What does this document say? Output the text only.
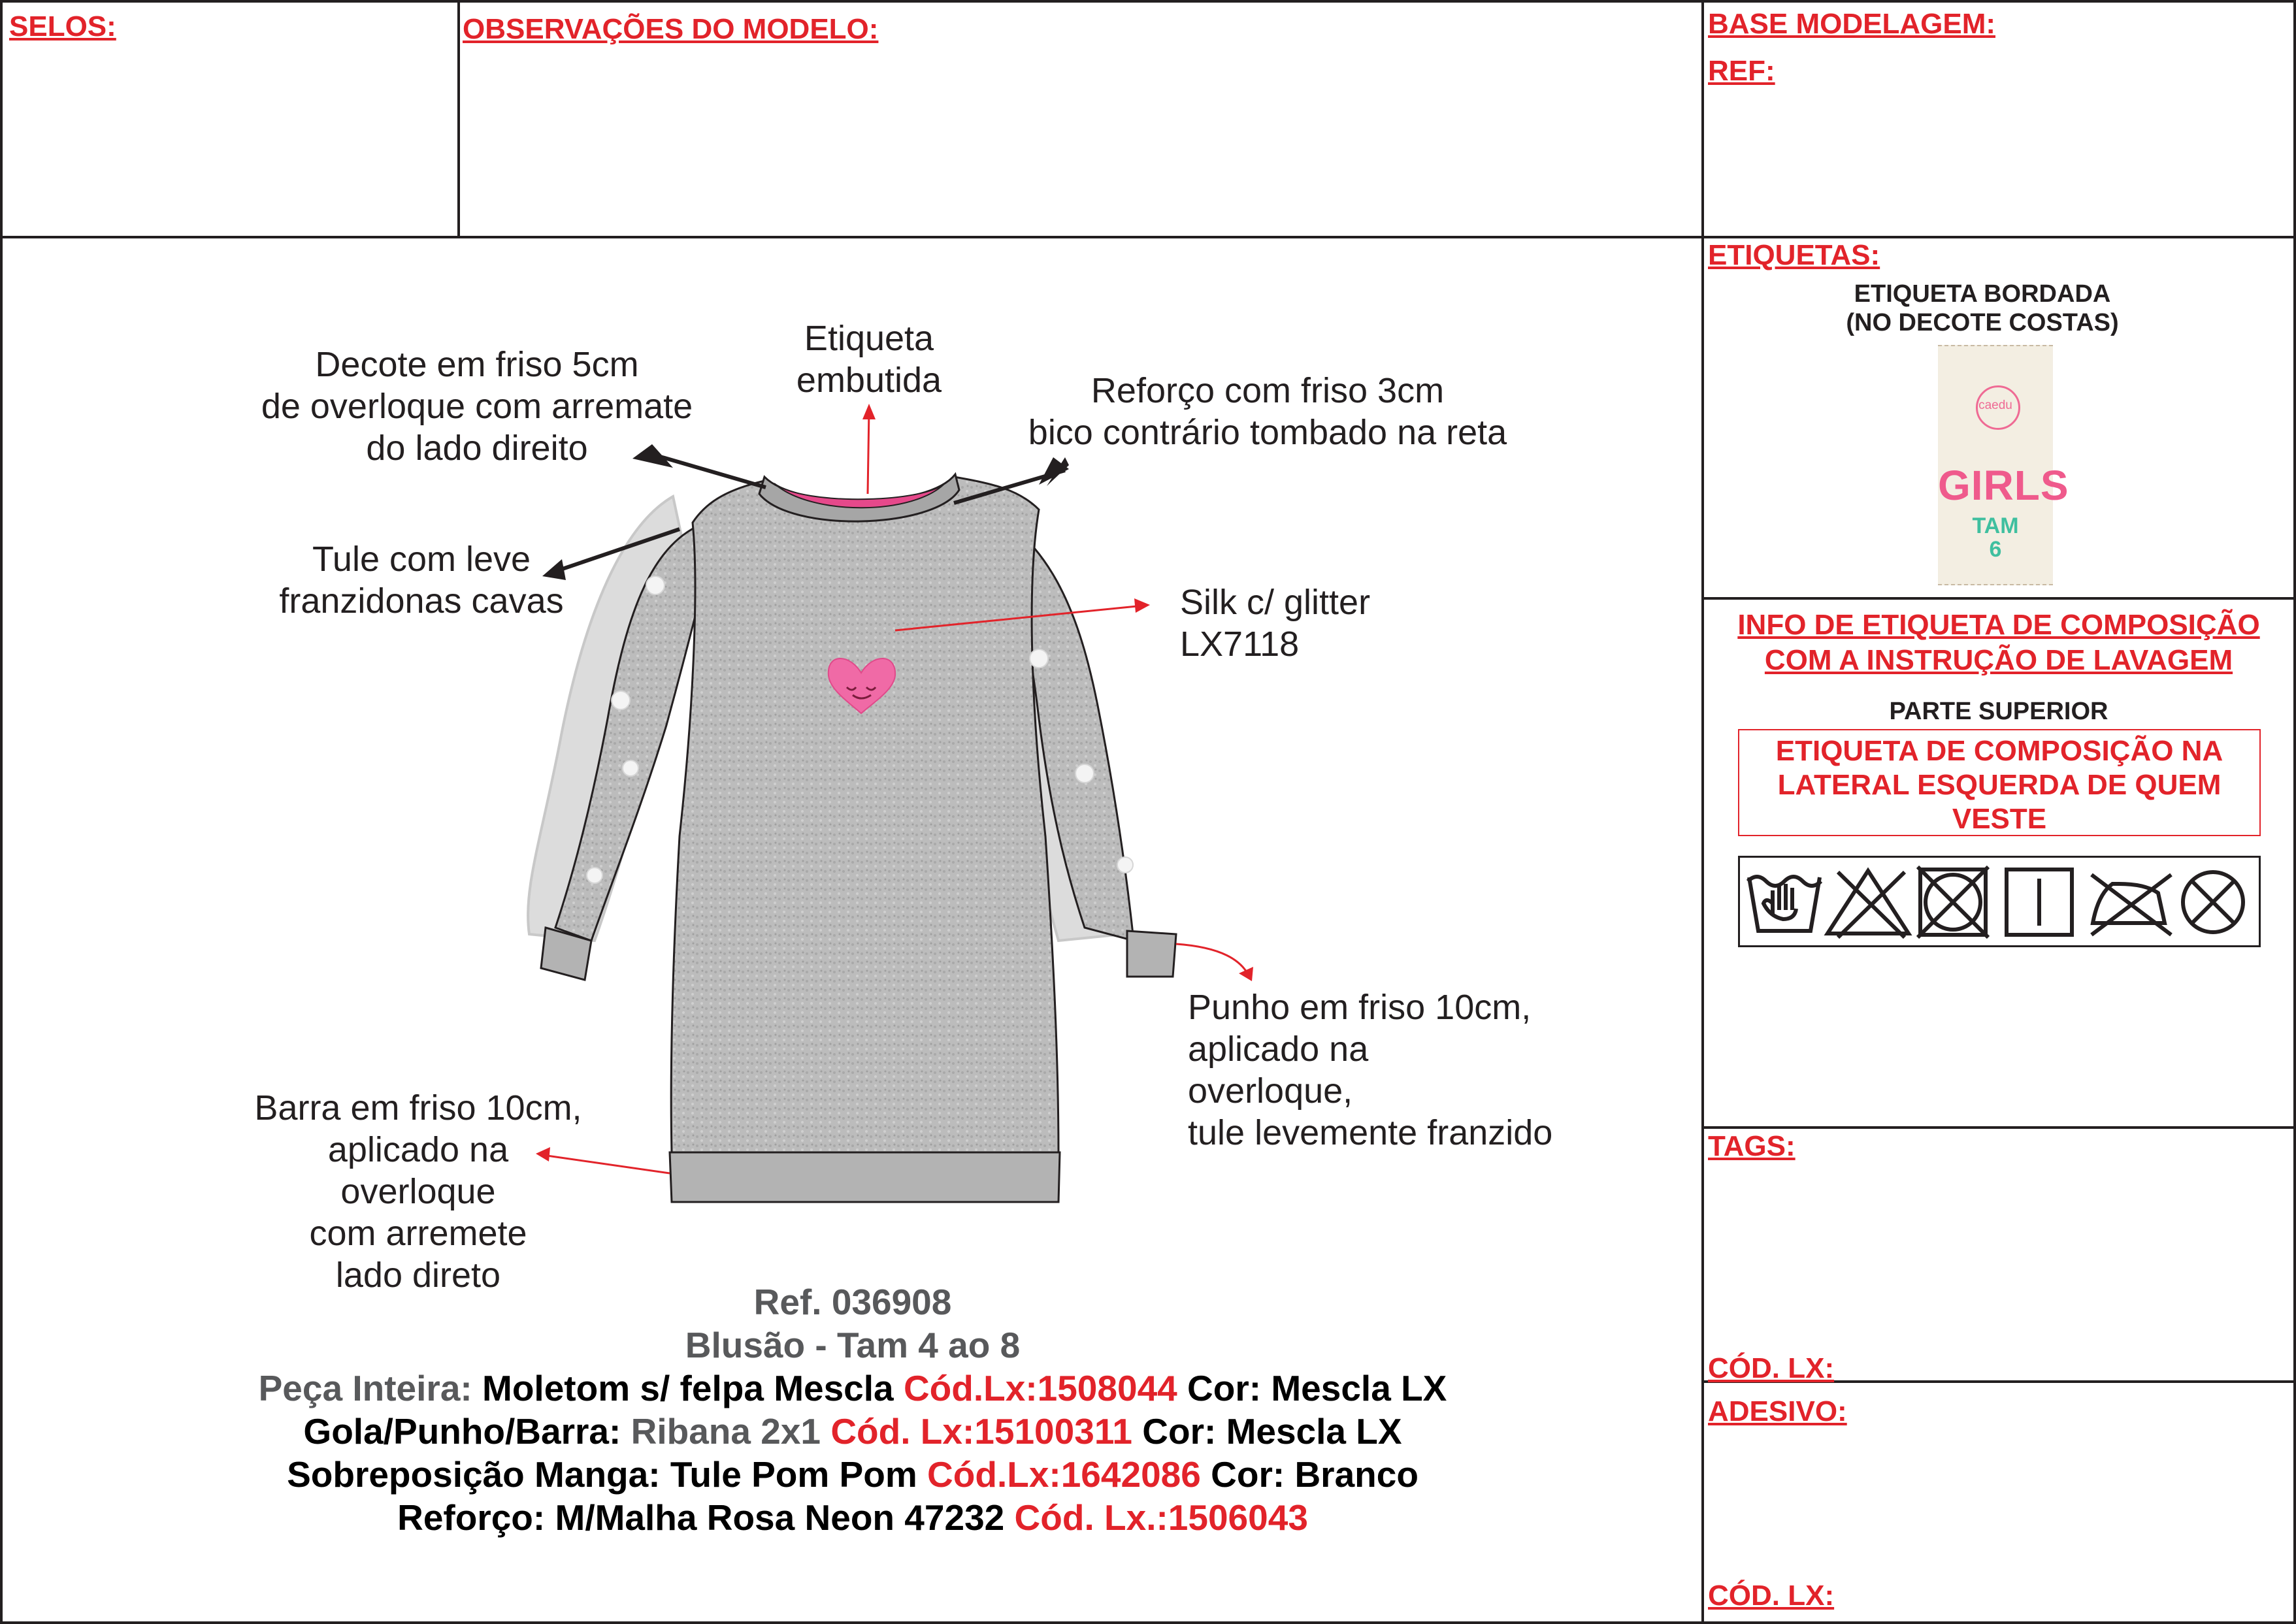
SELOS:	OBSERVAÇÕES DO MODELO:	BASE MODELAGEM:
REF:
ETIQUETAS:
ETIQUETA BORDADA
(NO DECOTE COSTAS)
caedu
GIRLS
TAM
6
INFO DE ETIQUETA DE COMPOSIÇÃO
COM A INSTRUÇÃO DE LAVAGEM
PARTE SUPERIOR
ETIQUETA DE COMPOSIÇÃO NA
LATERAL ESQUERDA DE QUEM
VESTE
TAGS:
CÓD. LX:
ADESIVO:
CÓD. LX:
Decote em friso 5cm
de overloque com arremate
do lado direito
Etiqueta
embutida	Reforço com friso 3cm
bico contrário tombado na reta
Tule com leve
franzidonas cavas	Silk c/ glitter
LX7118
Punho em friso 10cm,
aplicado na
overloque,
tule levemente franzido
Barra em friso 10cm,
aplicado na
overloque
com arremete
lado direto
Ref. 036908
Blusão - Tam 4 ao 8
Peça Inteira: Moletom s/ felpa Mescla Cód.Lx:1508044 Cor: Mescla LX
Gola/Punho/Barra: Ribana 2x1 Cód. Lx:15100311 Cor: Mescla LX
Sobreposição Manga: Tule Pom Pom Cód.Lx:1642086 Cor: Branco
Reforço: M/Malha Rosa Neon 47232 Cód. Lx.:1506043
